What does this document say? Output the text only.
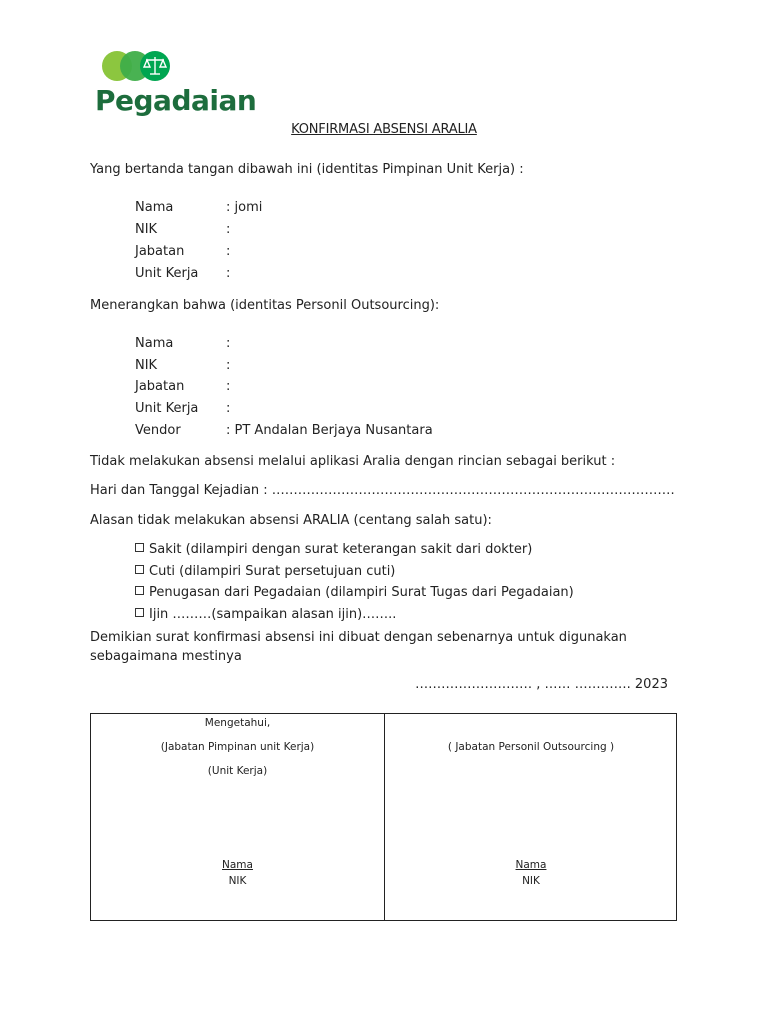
Pegadaian
KONFIRMASI ABSENSI ARALIA
Yang bertanda tangan dibawah ini (identitas Pimpinan Unit Kerja) :
Nama	: jomi
NIK	:
Jabatan	:
Unit Kerja :
Menerangkan bahwa (identitas Personil Outsourcing):
Nama	:
NIK	:
Jabatan	:
Unit Kerja :
Vendor	: PT Andalan Berjaya Nusantara
Tidak melakukan absensi melalui aplikasi Aralia dengan rincian sebagai berikut :
Hari dan Tanggal Kejadian : …………………………………………………………………………………
Alasan tidak melakukan absensi ARALIA (centang salah satu):
Sakit (dilampiri dengan surat keterangan sakit dari dokter)
Cuti (dilampiri Surat persetujuan cuti)
Penugasan dari Pegadaian (dilampiri Surat Tugas dari Pegadaian)
Ijin ………(sampaikan alasan ijin)……..
Demikian surat konfirmasi absensi ini dibuat dengan sebenarnya untuk digunakan sebagaimana mestinya
……………………… , …… …………. 2023
Mengetahui,
(Jabatan Pimpinan unit Kerja)
(Unit Kerja)
Nama
NIK
( Jabatan Personil Outsourcing )
Nama
NIK
